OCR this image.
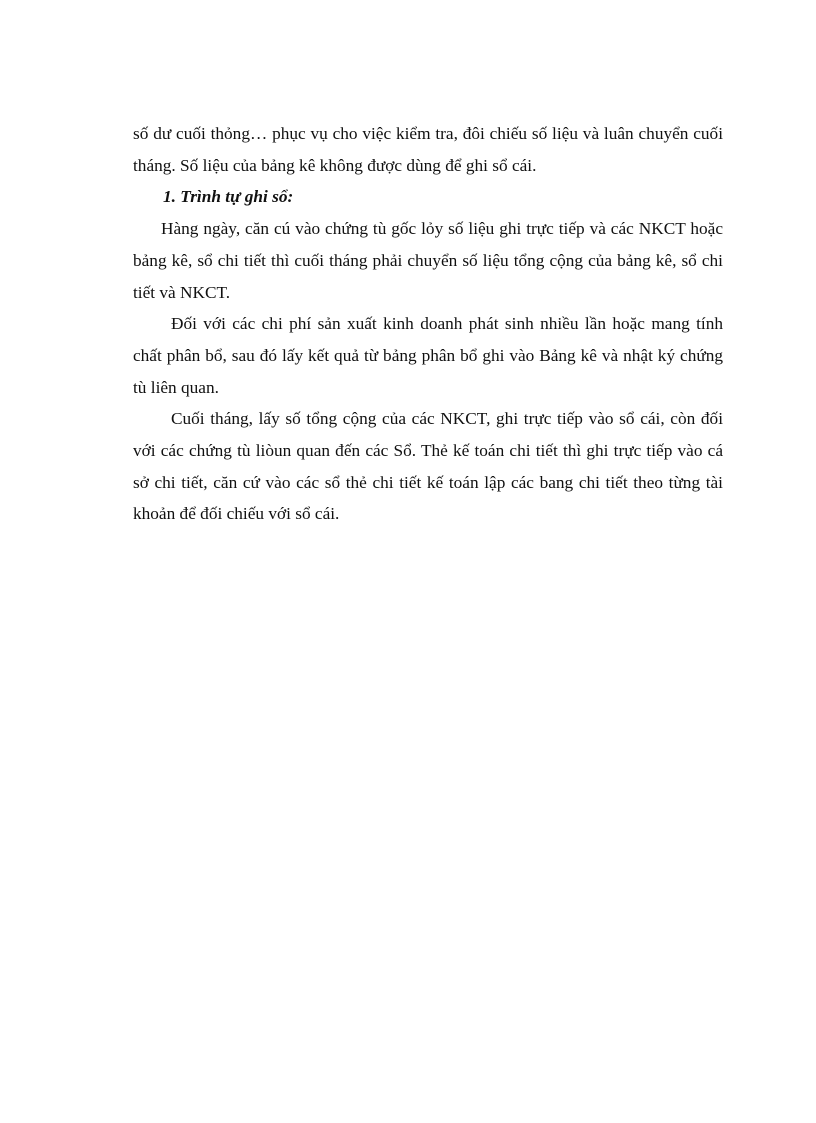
số dư cuối thỏng… phục vụ cho việc kiểm tra, đôi chiếu số liệu và luân chuyển cuối tháng. Số liệu của bảng kê không được dùng để ghi sổ cái.

1. Trình tự ghi sổ:

Hàng ngày, căn cú vào chứng tù gốc lỏy số liệu ghi trực tiếp và các NKCT hoặc bảng kê, sổ chi tiết thì cuối tháng phải chuyển số liệu tổng cộng của bảng kê, sổ chi tiết và NKCT.

Đối với các chi phí sản xuất kinh doanh phát sinh nhiều lần hoặc mang tính chất phân bổ, sau đó lấy kết quả từ bảng phân bổ ghi vào Bảng kê và nhật ký chứng tù liên quan.

Cuối tháng, lấy số tổng cộng của các NKCT, ghi trực tiếp vào sổ cái, còn đối với các chứng tù liòun quan đến các Sổ. Thẻ kế toán chi tiết thì ghi trực tiếp vào cá sở chi tiết, căn cứ vào các sổ thẻ chi tiết kế toán lập các bang chi tiết theo từng tài khoản để đối chiếu với sổ cái.
